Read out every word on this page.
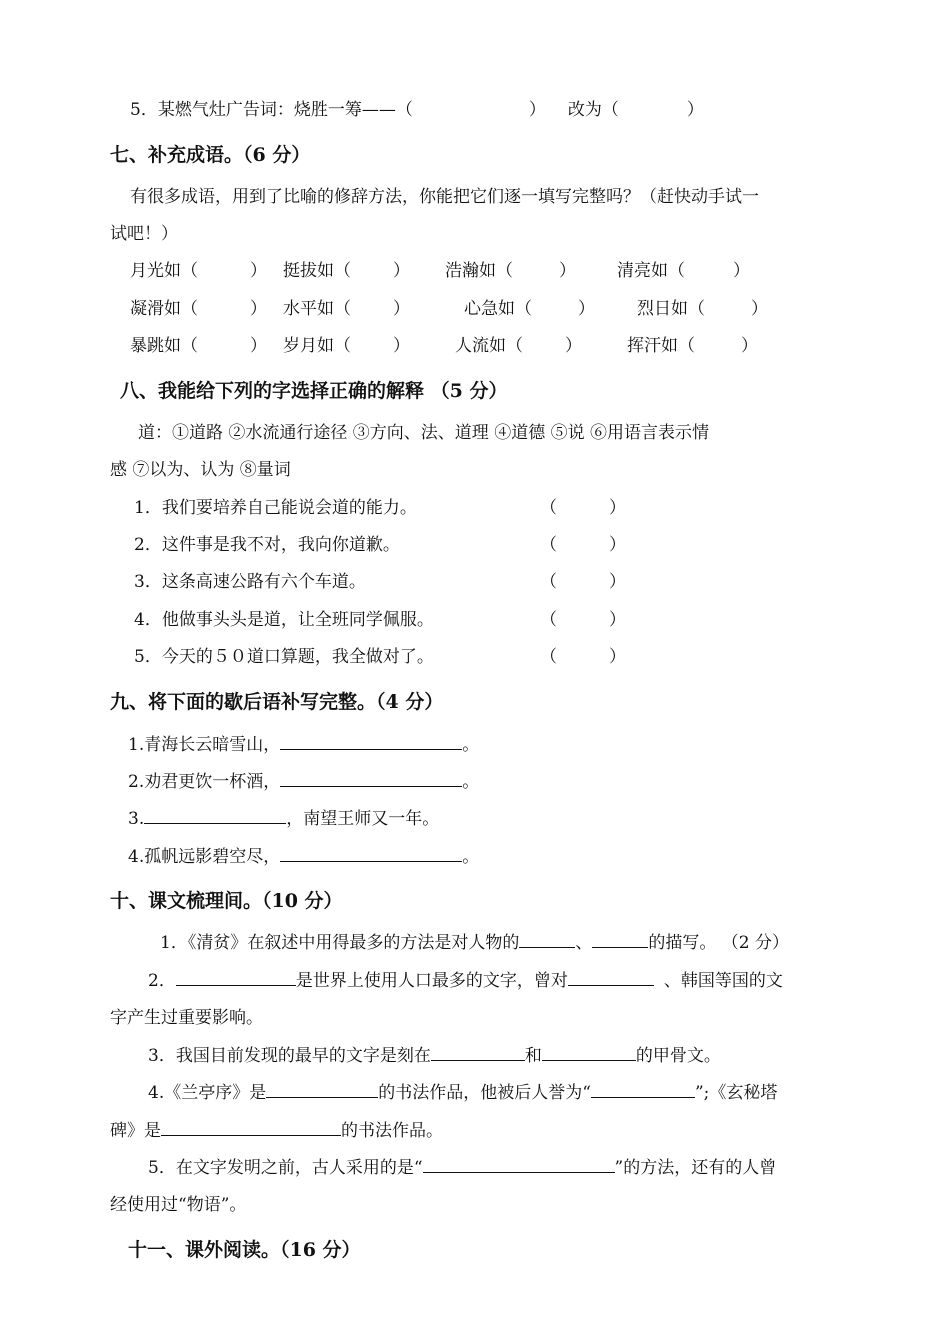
5．某燃气灶广告词：烧胜一筹——（	） 改为（	）
七、补充成语。（6 分）
有很多成语，用到了比喻的修辞方法，你能把它们逐一填写完整吗？（赶快动手试一
试吧！）
月光如（	） 挺拔如（ ） 浩瀚如（	） 清亮如（	）
凝滑如（	） 水平如（ ）	心急如（	） 烈日如（	）
暴跳如（	） 岁月如（ ）	人流如（ ）	挥汗如（	）
八、我能给下列的字选择正确的解释 （5 分）
道：①道路 ②水流通行途径 ③方向、法、道理 ④道德 ⑤说 ⑥用语言表示情
感 ⑦以为、认为 ⑧量词
1．我们要培养自己能说会道的能力。	（	）
2．这件事是我不对，我向你道歉。	（	）
3．这条高速公路有六个车道。	（	）
4．他做事头头是道，让全班同学佩服。	（	）
5．今天的５０道口算题，我全做对了。	（	）
九、将下面的歇后语补写完整。（4 分）
1.青海长云暗雪山，	。
2.劝君更饮一杯酒，	。
3.	，南望王师又一年。
4.孤帆远影碧空尽，	。
十、课文梳理间。（10 分）
1．《清贫》在叙述中用得最多的方法是对人物的	、	的描写。 （2 分）
2．	是世界上使用人口最多的文字，曾对	、韩国等国的文
字产生过重要影响。
3．我国目前发现的最早的文字是刻在	和	的甲骨文。
4.《兰亭序》是	的书法作品，他被后人誉为“	”;《玄秘塔
碑》是	的书法作品。
5．在文字发明之前，古人采用的是“	”的方法，还有的人曾
经使用过“物语”。
十一、课外阅读。（16 分）
